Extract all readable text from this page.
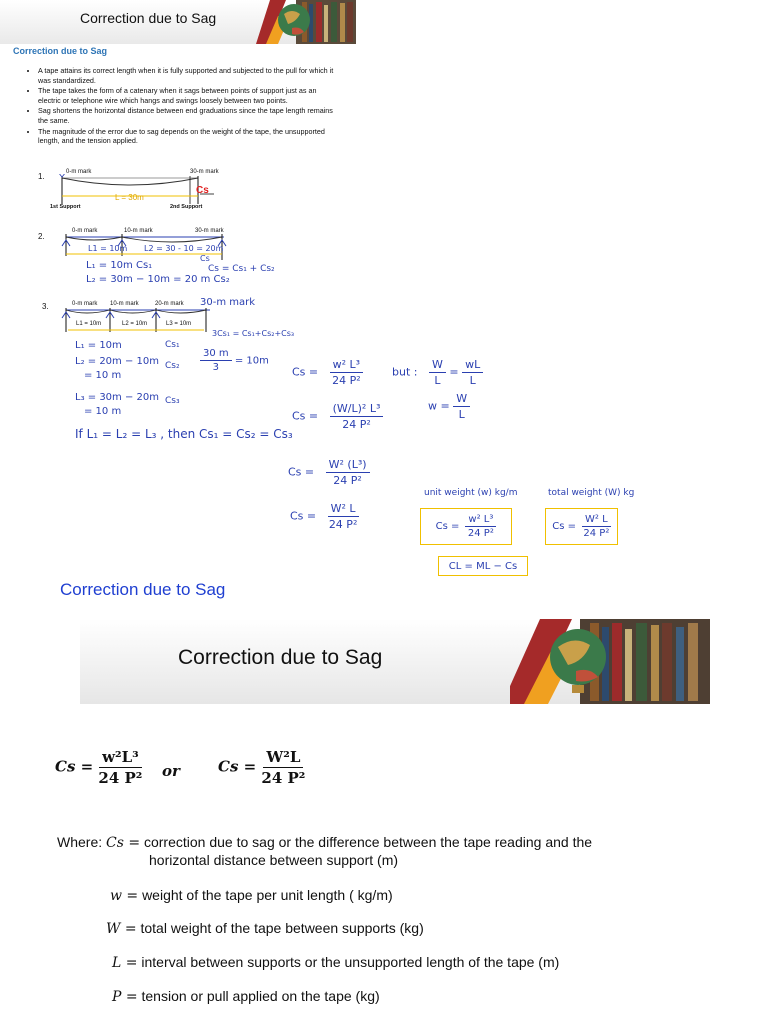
Correction due to Sag
Correction due to Sag
• A tape attains its correct length when it is fully supported and subjected to the pull for which it was standardized.
• The tape takes the form of a catenary when it sags between points of support just as an electric or telephone wire which hangs and swings loosely between two points.
• Sag shortens the horizontal distance between end graduations since the tape length remains the same.
• The magnitude of the error due to sag depends on the weight of the tape, the unsupported length, and the tension applied.
1.	0-m mark	30-m mark
L = 30m
Cs
1st Support	2nd Support
2.
0-m mark	10-m mark	30-m mark
L1 = 10m L2 = 30 - 10 = 20m
Cs
L₁ = 10m Cs₁
L₂ = 30m − 10m = 20 m Cs₂
Cs = Cs₁ + Cs₂
3.	0-m mark 10-m mark	20-m mark 30-m mark
L1 = 10m	L2 = 10m	L3 = 10m
3Cs₁ = Cs₁+Cs₂+Cs₃
L₁ = 10m	Cs₁
L₂ = 20m − 10m
= 10 m
Cs₂
L₃ = 30m − 20m
= 10 m
Cs₃
$\frac{30 m}{3} = 10m$
If L₁ = L₂ = L₃ , then Cs₁ = Cs₂ = Cs₃
$Cs = \frac{\text{w² L³}}{\text{24 P²}}$	but : $\frac{W}{L} = \frac{wL}{L}$
$w = \frac{W}{L}$
$Cs = \frac{\text{(W/L)² L³}}{\text{24 P²}}$
$Cs = \frac{\text{W² (L³)}}{\text{24 P²}}$
$Cs = \frac{\text{W² L}}{\text{24 P²}}$
unit weight (w) kg/m	total weight (W) kg
$Cs = \frac{\text{w² L³}}{\text{24 P²}}$	$Cs = \frac{\text{W² L}}{\text{24 P²}}$
CL = ML − Cs
Correction due to Sag
Correction due to Sag
$Cs = \frac{\text{w²L³}}{\text{24 P²}}$ or	$Cs = \frac{\text{W²L}}{\text{24 P²}}$
Where: Cs = correction due to sag or the difference between the tape reading and the
horizontal distance between support (m)
w = weight of the tape per unit length ( kg/m)
W = total weight of the tape between supports (kg)
L = interval between supports or the unsupported length of the tape (m)
P = tension or pull applied on the tape (kg)
